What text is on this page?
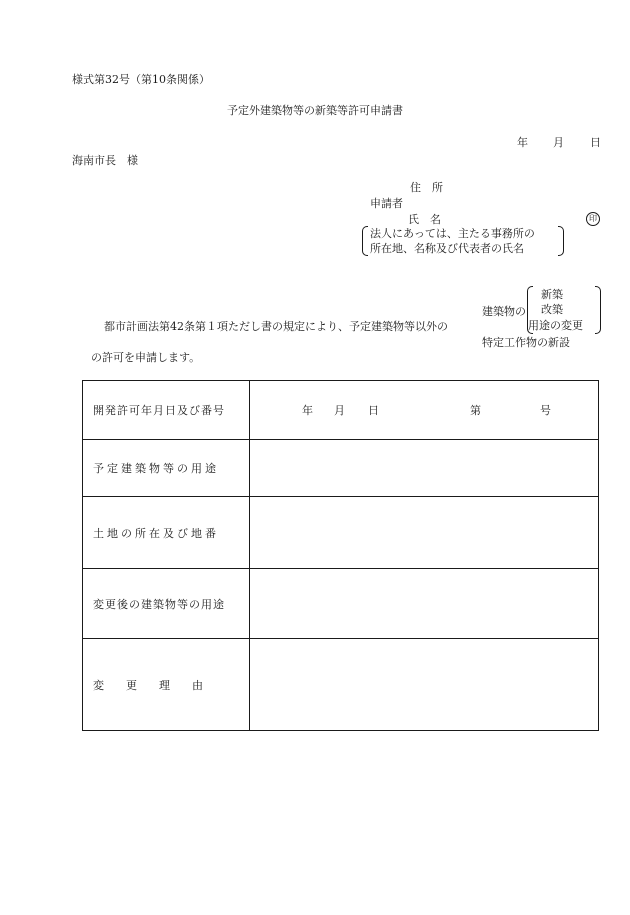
様式第32号（第10条関係）
予定外建築物等の新築等許可申請書
年 月 日
海南市長　様
住　所
申請者
氏　名	印
法人にあっては、主たる事務所の
所在地、名称及び代表者の氏名
建築物の
新築
改築
用途の変更
特定工作物の新設
都市計画法第42条第１項ただし書の規定により、予定建築物等以外の
の許可を申請します。
開発許可年月日及び番号	年 月 日 第 号

予定建築物等の用途	

土地の所在及び地番	

変更後の建築物等の用途	

変更理由	
